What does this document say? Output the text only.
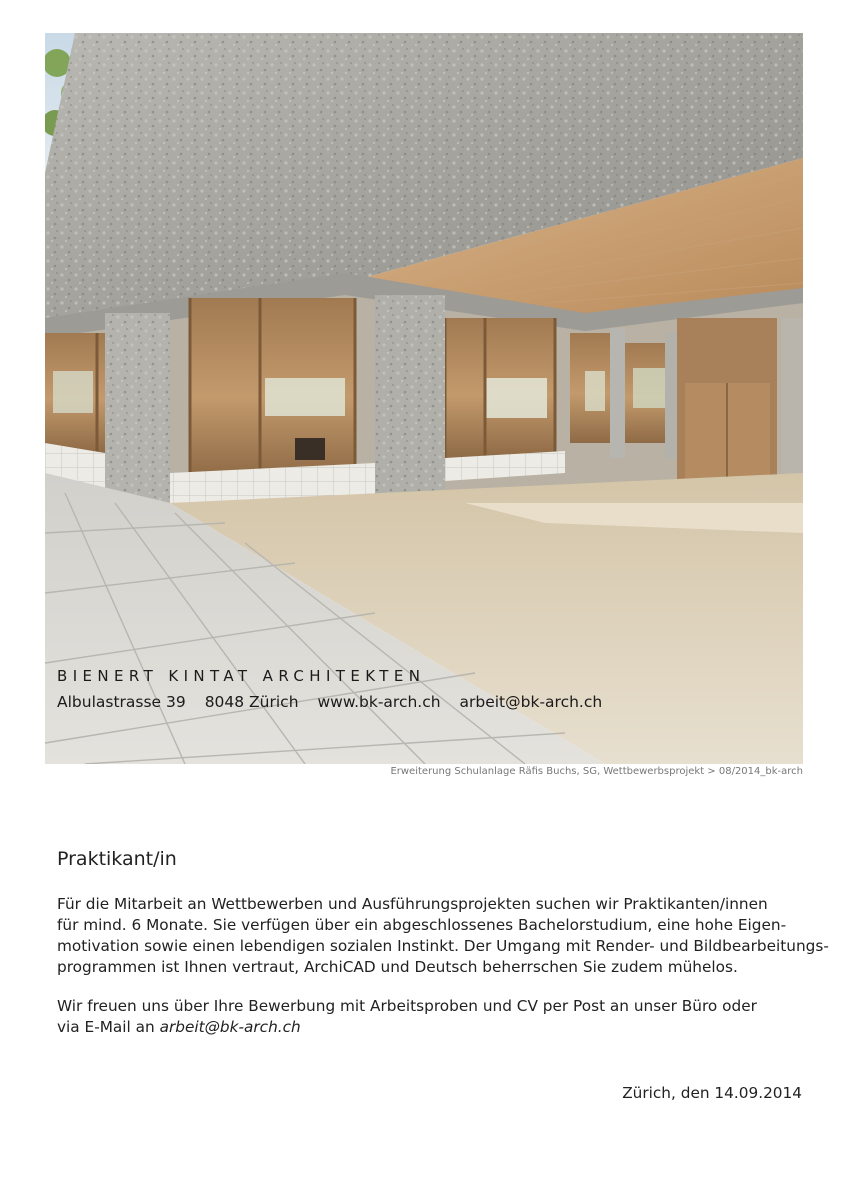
BIENERT KINTAT ARCHITEKTEN
Albulastrasse 39 8048 Zürich www.bk-arch.ch arbeit@bk-arch.ch
Erweiterung Schulanlage Räfis Buchs, SG, Wettbewerbsprojekt > 08/2014_bk-arch
Praktikant/in

Für die Mitarbeit an Wettbewerben und Ausführungsprojekten suchen wir Praktikanten/innen
für mind. 6 Monate. Sie verfügen über ein abgeschlossenes Bachelorstudium, eine hohe Eigen-
motivation sowie einen lebendigen sozialen Instinkt. Der Umgang mit Render- und Bildbearbeitungs-
programmen ist Ihnen vertraut, ArchiCAD und Deutsch beherrschen Sie zudem mühelos.

Wir freuen uns über Ihre Bewerbung mit Arbeitsproben und CV per Post an unser Büro oder
via E-Mail an arbeit@bk-arch.ch

Zürich, den 14.09.2014
